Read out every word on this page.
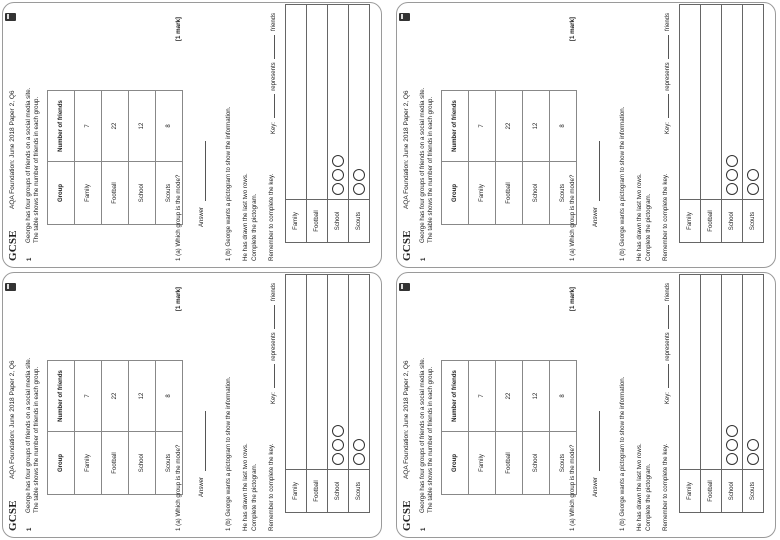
GCSE
AQA Foundation: June 2018 Paper 2, Q6
1
George has four groups of friends on a social media site. The table shows the number of friends in each group.	Group	Number of friends
Family	7
Football	22
School	12
Scouts	8
1 (a) Which group is the mode?
[1 mark]
Answer	1 (b) George wants a pictogram to show the information. He has drawn the last two rows. Complete the pictogram. Remember to complete the key.
Key:  represents  friends
Family	
Football	
School	
Scouts	
GCSE
AQA Foundation: June 2018 Paper 2, Q6
1
George has four groups of friends on a social media site. The table shows the number of friends in each group.	Group	Number of friends
Family	7
Football	22
School	12
Scouts	8
1 (a) Which group is the mode?
[1 mark]
Answer	1 (b) George wants a pictogram to show the information. He has drawn the last two rows. Complete the pictogram. Remember to complete the key.
Key:  represents  friends
Family	
Football	
School	
Scouts	
GCSE
AQA Foundation: June 2018 Paper 2, Q6
1
George has four groups of friends on a social media site. The table shows the number of friends in each group.	Group	Number of friends
Family	7
Football	22
School	12
Scouts	8
1 (a) Which group is the mode?
[1 mark]
Answer	1 (b) George wants a pictogram to show the information. He has drawn the last two rows. Complete the pictogram. Remember to complete the key.
Key:  represents  friends
Family	
Football	
School	
Scouts	
GCSE
AQA Foundation: June 2018 Paper 2, Q6
1
George has four groups of friends on a social media site. The table shows the number of friends in each group.	Group	Number of friends
Family	7
Football	22
School	12
Scouts	8
1 (a) Which group is the mode?
[1 mark]
Answer	1 (b) George wants a pictogram to show the information. He has drawn the last two rows. Complete the pictogram. Remember to complete the key.
Key:  represents  friends
Family	
Football	
School	
Scouts	
